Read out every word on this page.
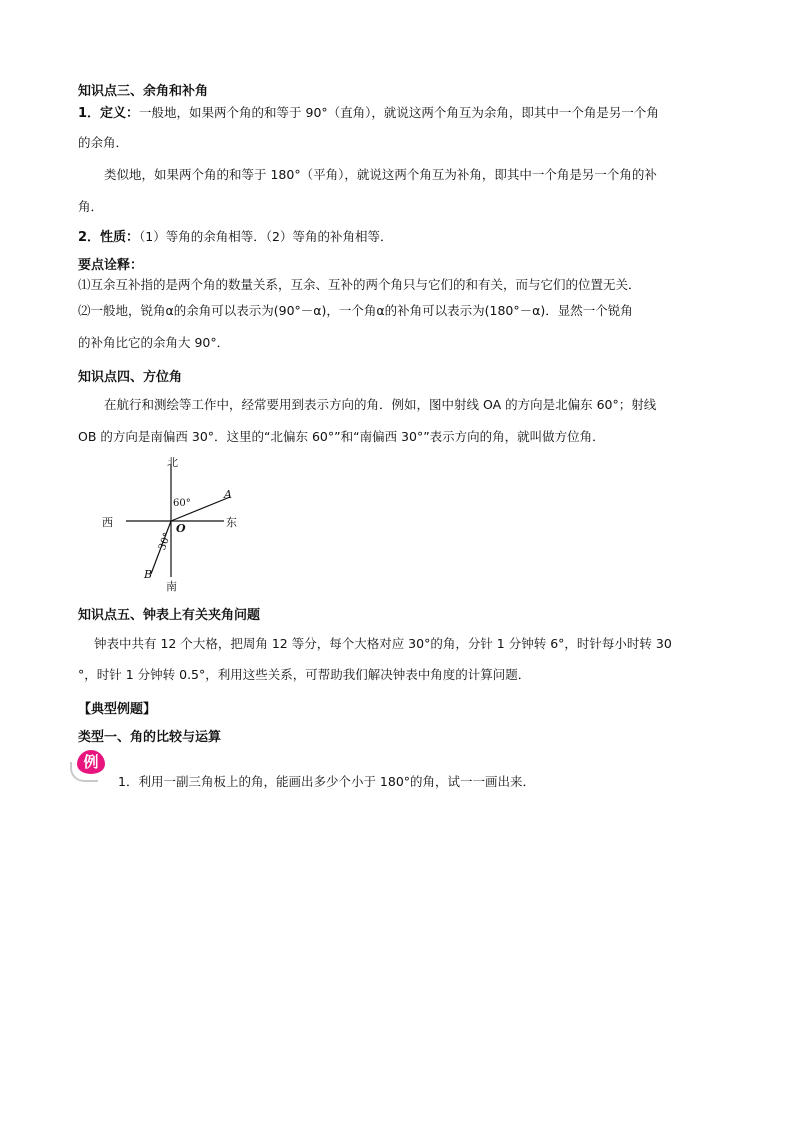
知识点三、余角和补角
1．定义：一般地，如果两个角的和等于 90°（直角），就说这两个角互为余角，即其中一个角是另一个角
的余角．
类似地，如果两个角的和等于 180°（平角），就说这两个角互为补角，即其中一个角是另一个角的补
角．
2．性质：（1）等角的余角相等．（2）等角的补角相等．
要点诠释：
⑴互余互补指的是两个角的数量关系，互余、互补的两个角只与它们的和有关，而与它们的位置无关．
⑵一般地，锐角α的余角可以表示为(90°－α)，一个角α的补角可以表示为(180°－α)．显然一个锐角
的补角比它的余角大 90°．
知识点四、方位角
在航行和测绘等工作中，经常要用到表示方向的角．例如，图中射线 OA 的方向是北偏东 60°；射线
OB 的方向是南偏西 30°．这里的“北偏东 60°”和“南偏西 30°”表示方向的角，就叫做方位角．
北
南
西	东
60°
30°
O
A
B
知识点五、钟表上有关夹角问题
钟表中共有 12 个大格，把周角 12 等分，每个大格对应 30°的角，分针 1 分钟转 6°，时针每小时转 30
°，时针 1 分钟转 0.5°，利用这些关系，可帮助我们解决钟表中角度的计算问题．
【典型例题】
类型一、角的比较与运算
例
1．利用一副三角板上的角，能画出多少个小于 180°的角，试一一画出来．
